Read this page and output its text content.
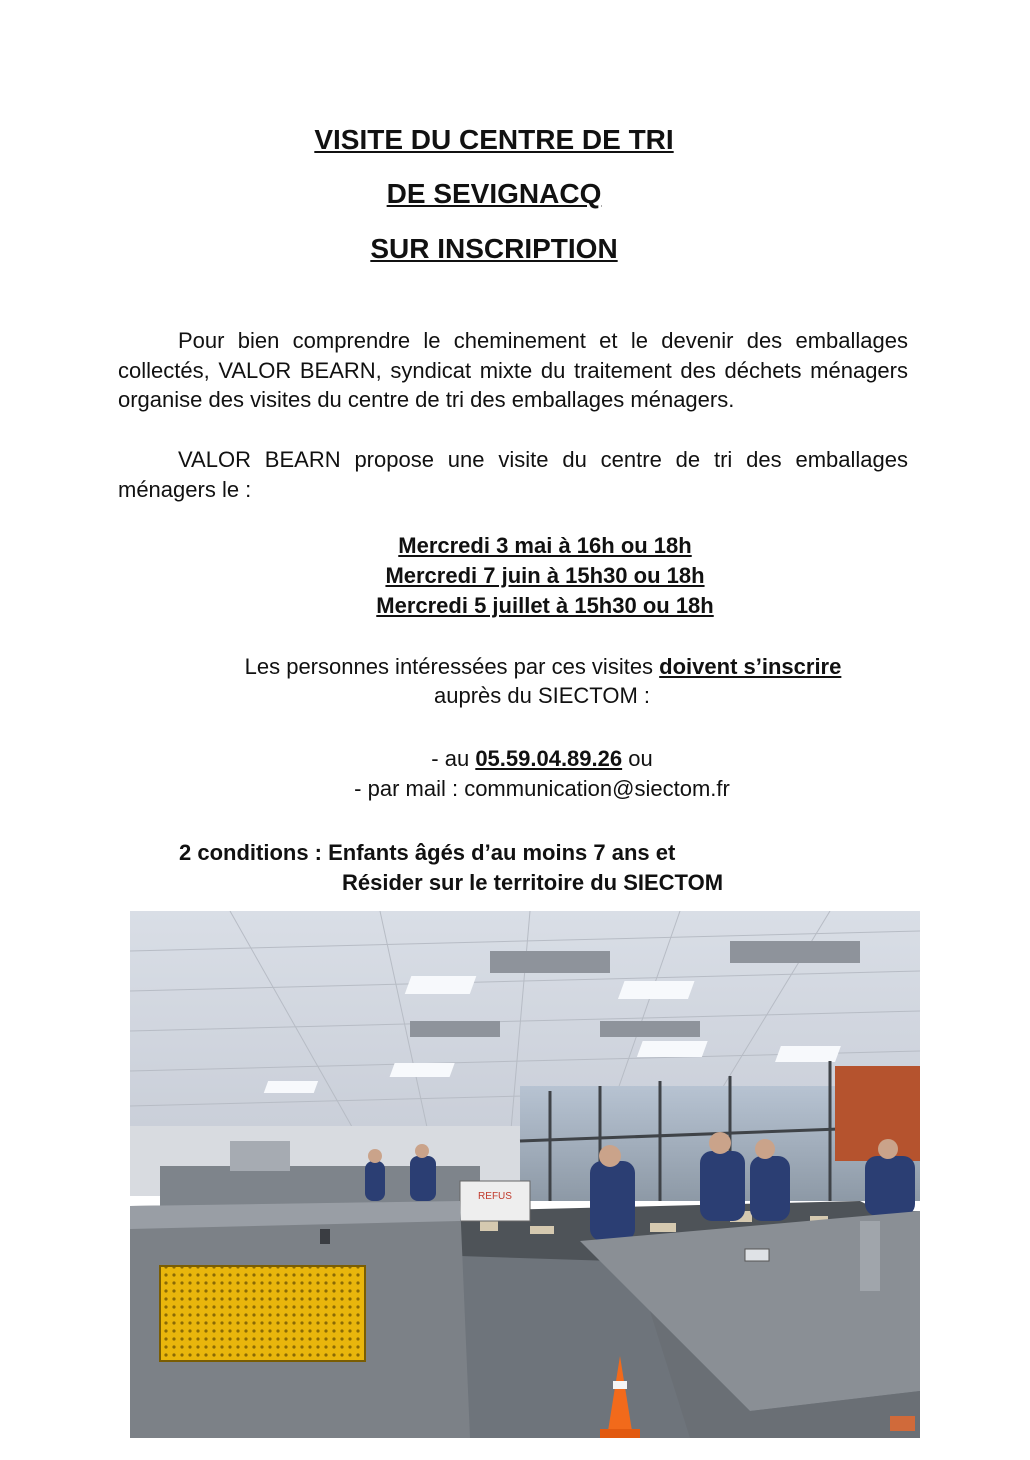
VISITE DU CENTRE DE TRI
DE SEVIGNACQ
SUR INSCRIPTION

Pour bien comprendre le cheminement et le devenir des emballages collectés, VALOR BEARN, syndicat mixte du traitement des déchets ménagers organise des visites du centre de tri des emballages ménagers.

VALOR BEARN propose une visite du centre de tri des emballages ménagers le :

Mercredi 3 mai à 16h ou 18h
Mercredi 7 juin à 15h30 ou 18h
Mercredi 5 juillet à 15h30 ou 18h
Les personnes intéressées par ces visites doivent s’inscrire
auprès du SIECTOM :
- au 05.59.04.89.26 ou
- par mail : communication@siectom.fr
2 conditions : Enfants âgés d’au moins 7 ans et
Résider sur le territoire du SIECTOM
REFUS
